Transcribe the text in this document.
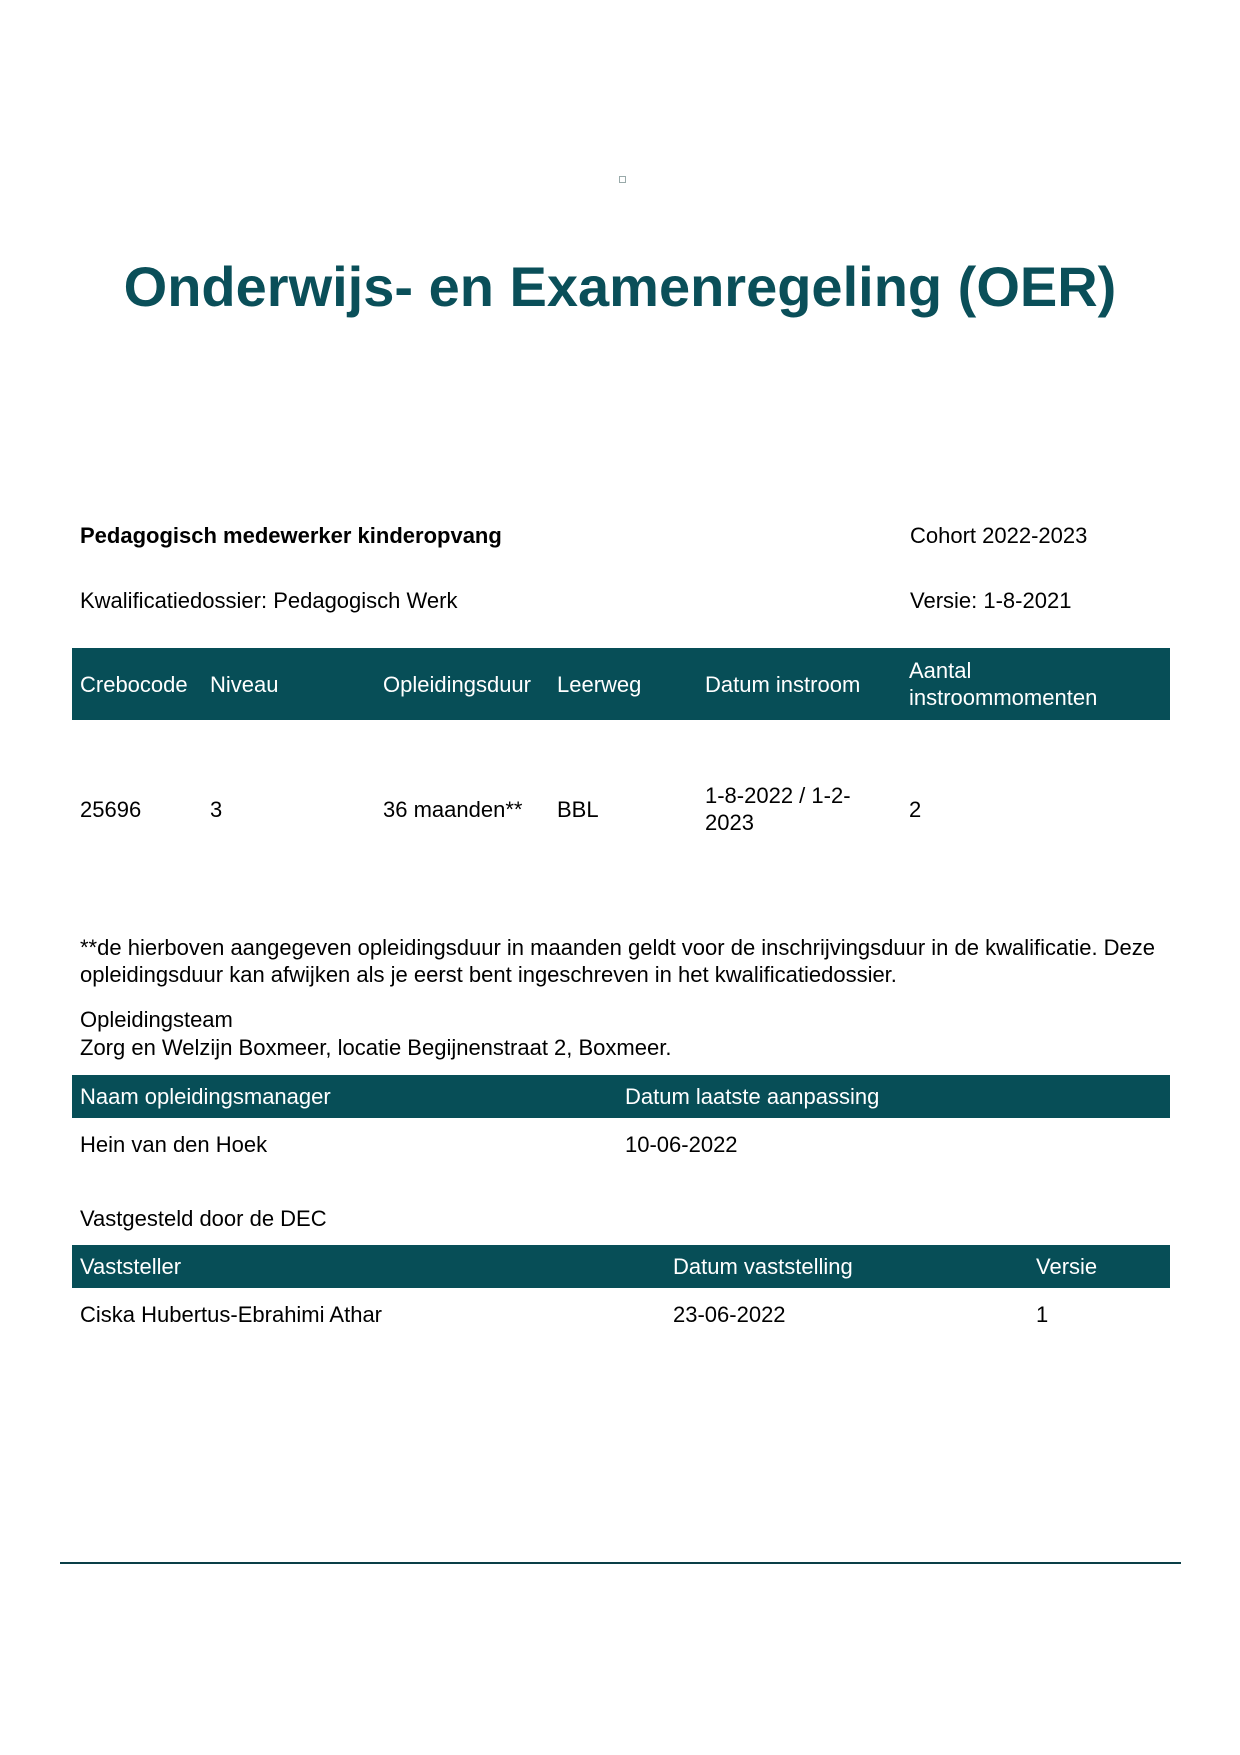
Onderwijs- en Examenregeling (OER)
Pedagogisch medewerker kinderopvang	Cohort 2022-2023
Kwalificatiedossier: Pedagogisch Werk	Versie: 1-8-2021
Crebocode	Niveau	Opleidingsduur	Leerweg	Datum instroom	Aantal instroommomenten
25696	3	36 maanden**	BBL	1-8-2022 / 1-2-2023	2
**de hierboven aangegeven opleidingsduur in maanden geldt voor de inschrijvingsduur in de kwalificatie. Deze opleidingsduur kan afwijken als je eerst bent ingeschreven in het kwalificatiedossier.
Opleidingsteam
Zorg en Welzijn Boxmeer, locatie Begijnenstraat 2, Boxmeer.
Naam opleidingsmanager	Datum laatste aanpassing
Hein van den Hoek	10-06-2022
Vastgesteld door de DEC
Vaststeller	Datum vaststelling	Versie
Ciska Hubertus-Ebrahimi Athar	23-06-2022	1
